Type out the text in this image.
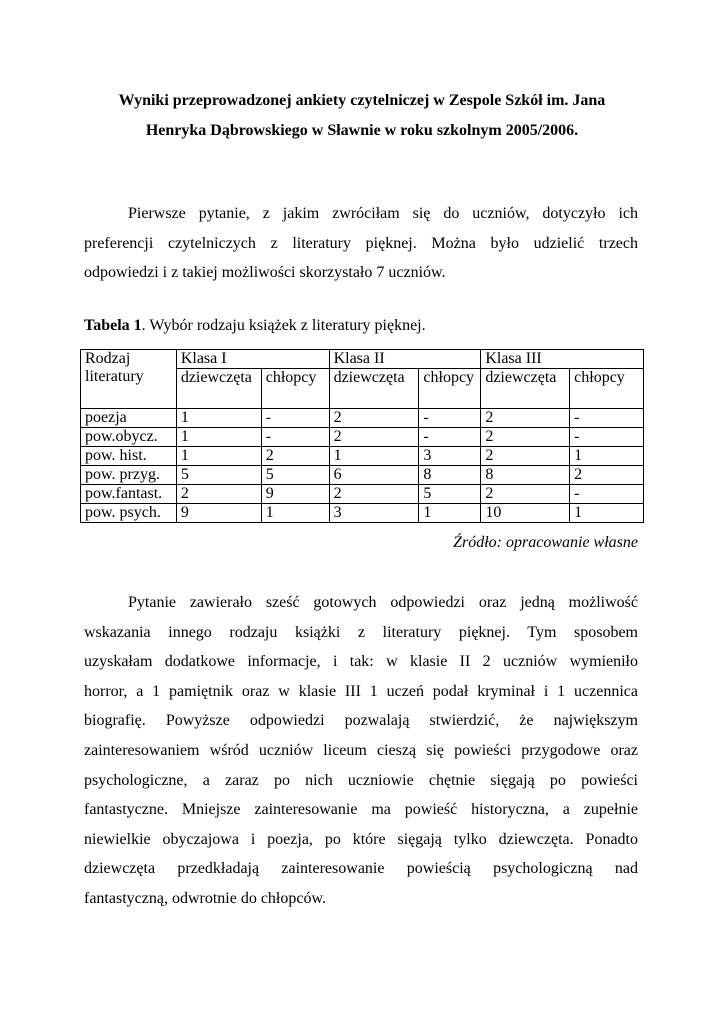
Wyniki przeprowadzonej ankiety czytelniczej w Zespole Szkół im. Jana
Henryka Dąbrowskiego w Sławnie w roku szkolnym 2005/2006.
Pierwsze pytanie, z jakim zwróciłam się do uczniów, dotyczyło ich
preferencji czytelniczych z literatury pięknej. Można było udzielić trzech
odpowiedzi i z takiej możliwości skorzystało 7 uczniów.
Tabela 1. Wybór rodzaju książek z literatury pięknej.
Rodzaj literatury	Klasa I		Klasa II		Klasa III	
	dziewczęta	chłopcy	dziewczęta	chłopcy	dziewczęta	chłopcy
poezja	1	-	2	-	2	-
pow.obycz.	1	-	2	-	2	-
pow. hist.	1	2	1	3	2	1
pow. przyg.	5	5	6	8	8	2
pow.fantast.	2	9	2	5	2	-
pow. psych.	9	1	3	1	10	1
Źródło: opracowanie własne
Pytanie zawierało sześć gotowych odpowiedzi oraz jedną możliwość
wskazania innego rodzaju książki z literatury pięknej. Tym sposobem
uzyskałam dodatkowe informacje, i tak: w klasie II 2 uczniów wymieniło
horror, a 1 pamiętnik oraz w klasie III 1 uczeń podał kryminał i 1 uczennica
biografię. Powyższe odpowiedzi pozwalają stwierdzić, że największym
zainteresowaniem wśród uczniów liceum cieszą się powieści przygodowe oraz
psychologiczne, a zaraz po nich uczniowie chętnie sięgają po powieści
fantastyczne. Mniejsze zainteresowanie ma powieść historyczna, a zupełnie
niewielkie obyczajowa i poezja, po które sięgają tylko dziewczęta. Ponadto
dziewczęta przedkładają zainteresowanie powieścią psychologiczną nad
fantastyczną, odwrotnie do chłopców.
